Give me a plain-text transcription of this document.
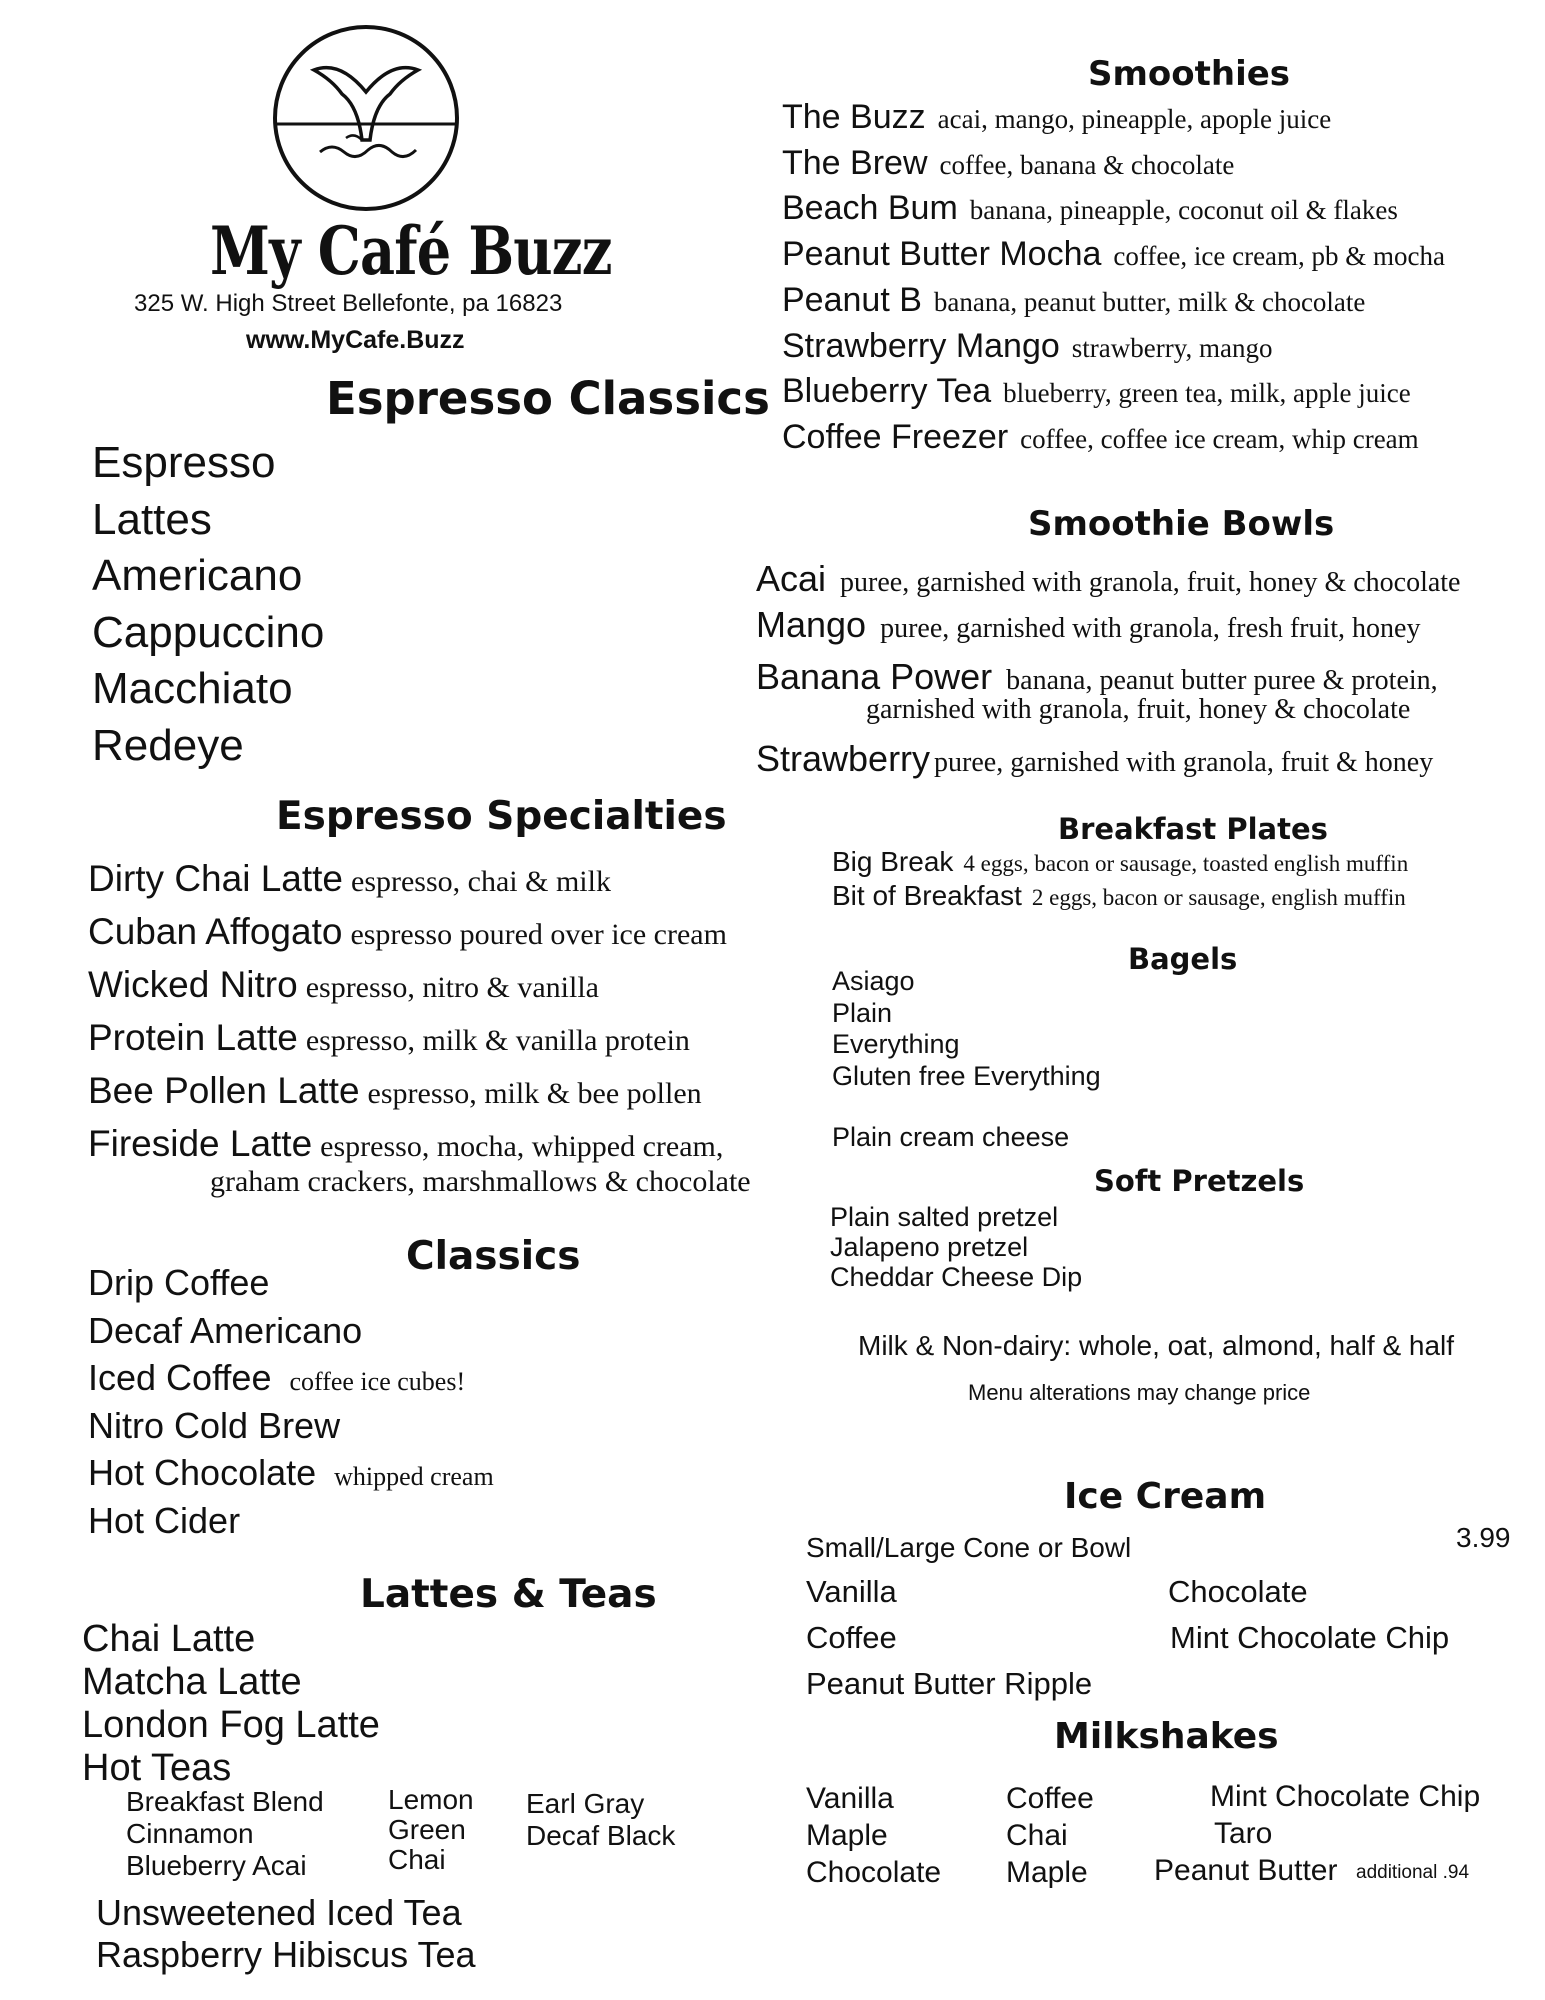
My Café Buzz
325 W. High Street Bellefonte, pa 16823
www.MyCafe.Buzz
Espresso Classics
Espresso
Lattes
Americano
Cappuccino
Macchiato
Redeye
Espresso Specialties
Dirty Chai Latte espresso, chai & milk
Cuban Affogato espresso poured over ice cream
Wicked Nitro espresso, nitro & vanilla
Protein Latte espresso, milk & vanilla protein
Bee Pollen Latte espresso, milk & bee pollen
Fireside Latte espresso, mocha, whipped cream,
graham crackers, marshmallows & chocolate
Classics
Drip Coffee
Decaf Americano
Iced Coffee coffee ice cubes!
Nitro Cold Brew
Hot Chocolate whipped cream
Hot Cider
Lattes & Teas
Chai Latte
Matcha Latte
London Fog Latte
Hot Teas
Breakfast Blend
Cinnamon
Blueberry Acai
Lemon
Green
Chai
Earl Gray
Decaf Black
Unsweetened Iced Tea
Raspberry Hibiscus Tea
Smoothies
The Buzz acai, mango, pineapple, apople juice
The Brew coffee, banana & chocolate
Beach Bum banana, pineapple, coconut oil & flakes
Peanut Butter Mocha coffee, ice cream, pb & mocha
Peanut B banana, peanut butter, milk & chocolate
Strawberry Mango strawberry, mango
Blueberry Tea blueberry, green tea, milk, apple juice
Coffee Freezer coffee, coffee ice cream, whip cream
Smoothie Bowls
Acai puree, garnished with granola, fruit, honey & chocolate
Mango puree, garnished with granola, fresh fruit, honey
Banana Power banana, peanut butter puree & protein,
garnished with granola, fruit, honey & chocolate
Strawberry puree, garnished with granola, fruit & honey
Breakfast Plates
Big Break 4 eggs, bacon or sausage, toasted english muffin
Bit of Breakfast 2 eggs, bacon or sausage, english muffin
Bagels
Asiago
Plain
Everything
Gluten free Everything
Plain cream cheese
Soft Pretzels
Plain salted pretzel
Jalapeno pretzel
Cheddar Cheese Dip
Milk & Non-dairy: whole, oat, almond, half & half
Menu alterations may change price
Ice Cream
Small/Large Cone or Bowl	3.99
Vanilla
Coffee
Peanut Butter Ripple
Chocolate
Mint Chocolate Chip
Milkshakes
Vanilla
Maple
Chocolate
Coffee
Chai
Maple
Mint Chocolate Chip
Taro
Peanut Butter additional .94
